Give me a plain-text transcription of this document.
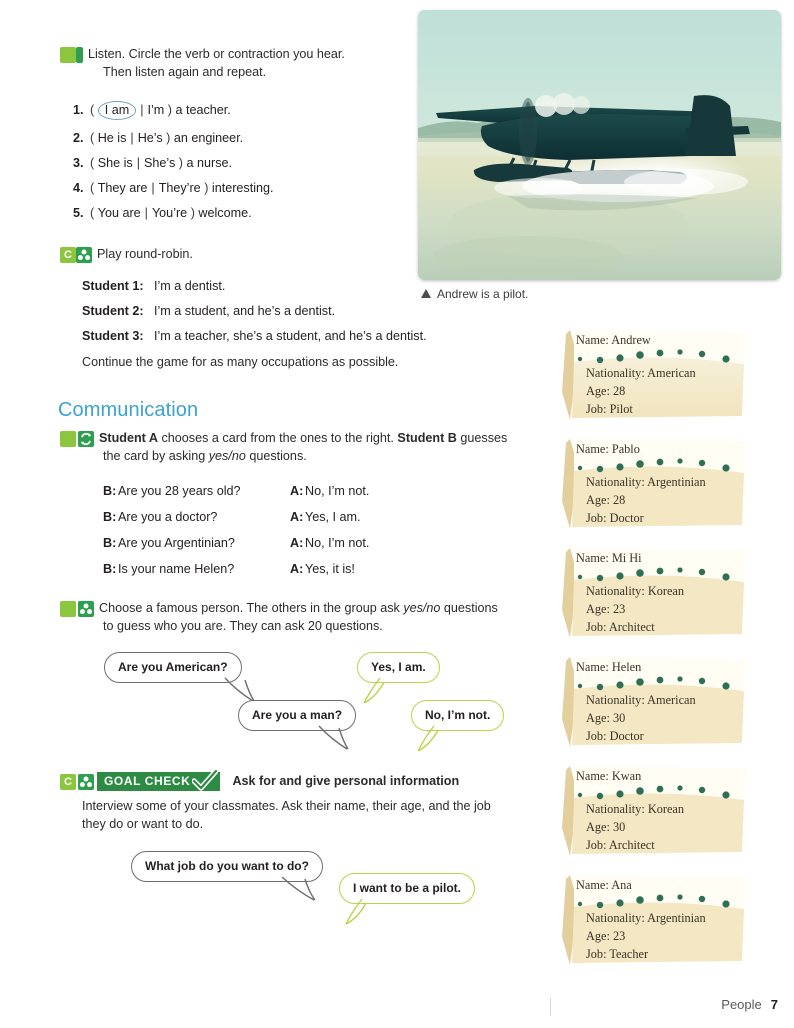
Andrew is a pilot.
B5	Listen. Circle the verb or contraction you hear.
Then listen again and repeat.
1. ( I am | I’m ) a teacher.
2. ( He is | He’s ) an engineer.
3. ( She is | She’s ) a nurse.
4. ( They are | They’re ) interesting.
5. ( You are | You’re ) welcome.
C Play round-robin.
Student 1: I’m a dentist.
Student 2: I’m a student, and he’s a dentist.
Student 3: I’m a teacher, she’s a student, and he’s a dentist.
Continue the game for as many occupations as possible.
Communication
A	Student A chooses a card from the ones to the right. Student B guesses
the card by asking yes/no questions.
B: Are you 28 years old?	A: No, I’m not.
B: Are you a doctor?	A: Yes, I am.
B: Are you Argentinian?	A: No, I’m not.
B: Is your name Helen?	A: Yes, it is!
B	Choose a famous person. The others in the group ask yes/no questions
to guess who you are. They can ask 20 questions.
Are you American?	Yes, I am.
Are you a man?	No, I’m not.
C	GOAL CHECK	Ask for and give personal information
Interview some of your classmates. Ask their name, their age, and the job
they do or want to do.
What job do you want to do?
I want to be a pilot.
Name: Andrew
Nationality: American
Age: 28
Job: Pilot
Name: Pablo
Nationality: Argentinian
Age: 28
Job: Doctor
Name: Mi Hi
Nationality: Korean
Age: 23
Job: Architect
Name: Helen
Nationality: American
Age: 30
Job: Doctor
Name: Kwan
Nationality: Korean
Age: 30
Job: Architect
Name: Ana
Nationality: Argentinian
Age: 23
Job: Teacher
People 7
